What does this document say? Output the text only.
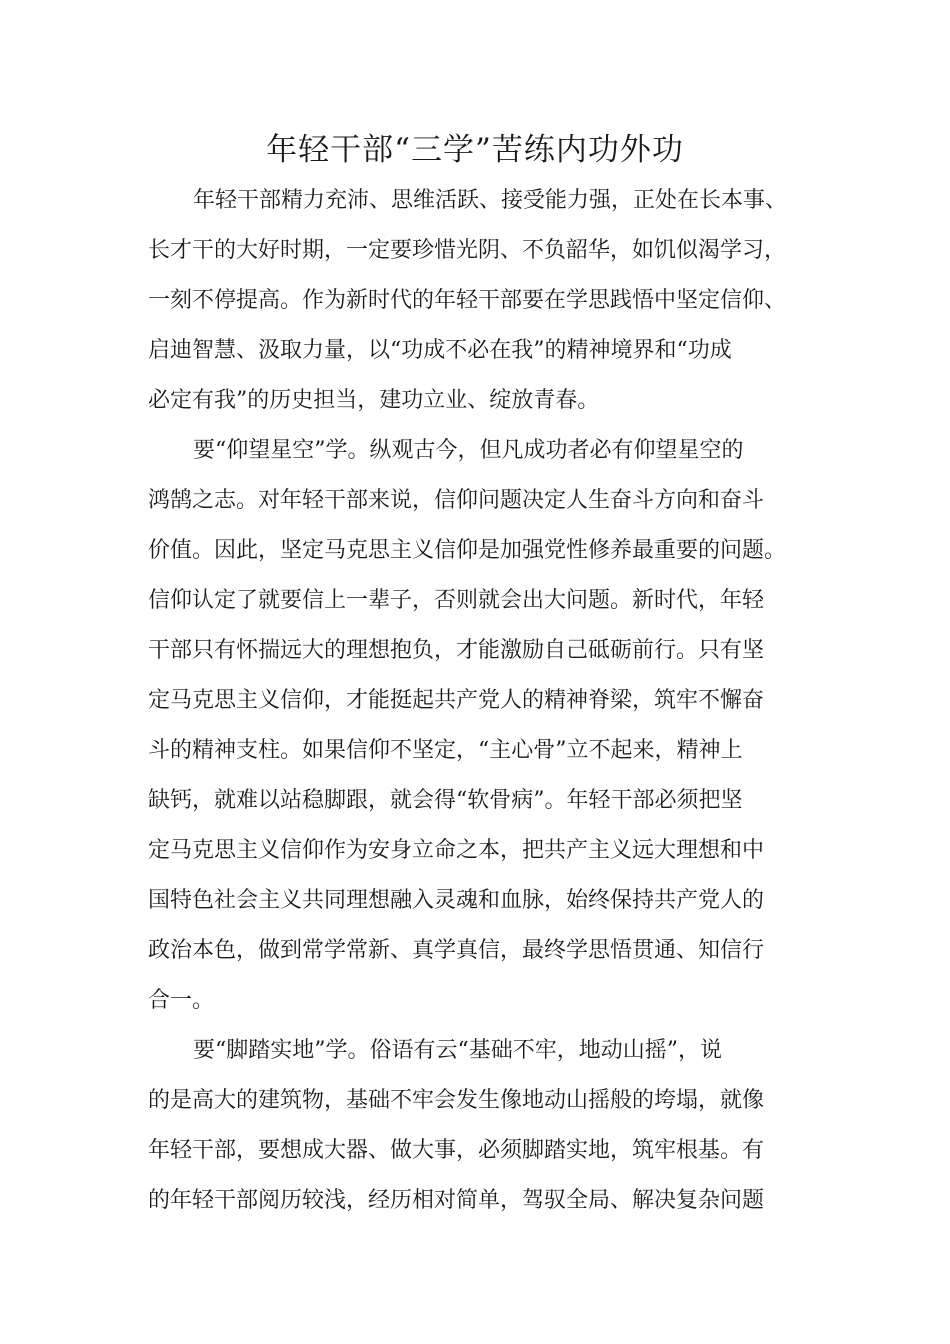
年轻干部“三学”苦练内功外功
年轻干部精力充沛、思维活跃、接受能力强，正处在长本事、
长才干的大好时期，一定要珍惜光阴、不负韶华，如饥似渴学习，
一刻不停提高。作为新时代的年轻干部要在学思践悟中坚定信仰、
启迪智慧、汲取力量，以“功成不必在我”的精神境界和“功成
必定有我”的历史担当，建功立业、绽放青春。
要“仰望星空”学。纵观古今，但凡成功者必有仰望星空的
鸿鹄之志。对年轻干部来说，信仰问题决定人生奋斗方向和奋斗
价值。因此，坚定马克思主义信仰是加强党性修养最重要的问题。
信仰认定了就要信上一辈子，否则就会出大问题。新时代，年轻
干部只有怀揣远大的理想抱负，才能激励自己砥砺前行。只有坚
定马克思主义信仰，才能挺起共产党人的精神脊梁，筑牢不懈奋
斗的精神支柱。如果信仰不坚定，“主心骨”立不起来，精神上
缺钙，就难以站稳脚跟，就会得“软骨病”。年轻干部必须把坚
定马克思主义信仰作为安身立命之本，把共产主义远大理想和中
国特色社会主义共同理想融入灵魂和血脉，始终保持共产党人的
政治本色，做到常学常新、真学真信，最终学思悟贯通、知信行
合一。
要“脚踏实地”学。俗语有云“基础不牢，地动山摇”，说
的是高大的建筑物，基础不牢会发生像地动山摇般的垮塌，就像
年轻干部，要想成大器、做大事，必须脚踏实地，筑牢根基。有
的年轻干部阅历较浅，经历相对简单，驾驭全局、解决复杂问题
